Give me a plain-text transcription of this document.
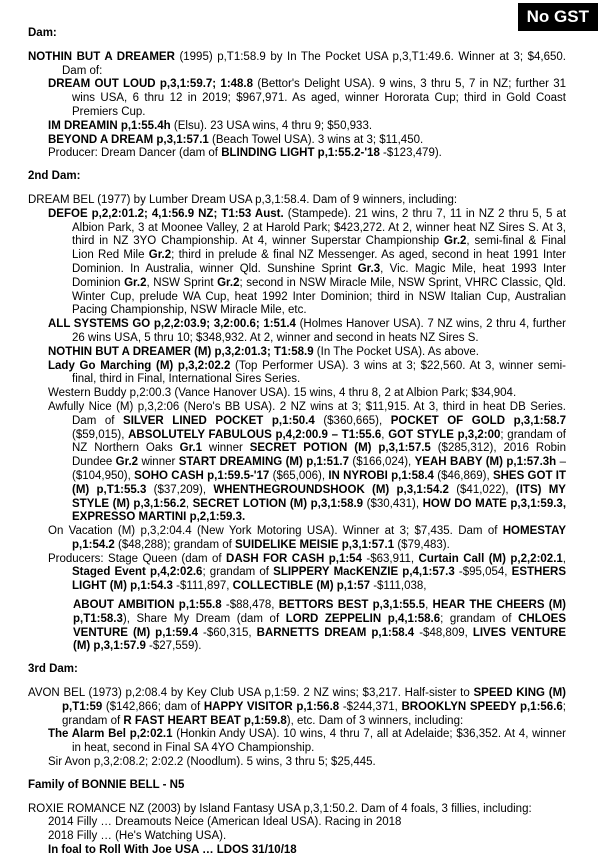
No GST

Dam:

NOTHIN BUT A DREAMER (1995) p,T1:58.9 by In The Pocket USA p,3,T1:49.6. Winner at 3; $4,650. Dam of:

DREAM OUT LOUD p,3,1:59.7; 1:48.8 (Bettor's Delight USA). 9 wins, 3 thru 5, 7 in NZ; further 31 wins USA, 6 thru 12 in 2019; $967,971. As aged, winner Hororata Cup; third in Gold Coast Premiers Cup.

IM DREAMIN p,1:55.4h (Elsu). 23 USA wins, 4 thru 9; $50,933.

BEYOND A DREAM p,3,1:57.1 (Beach Towel USA). 3 wins at 3; $11,450.

Producer: Dream Dancer (dam of BLINDING LIGHT p,1:55.2-'18 -$123,479).

2nd Dam:

DREAM BEL (1977) by Lumber Dream USA p,3,1:58.4. Dam of 9 winners, including:

DEFOE p,2,2:01.2; 4,1:56.9 NZ; T1:53 Aust. (Stampede). 21 wins, 2 thru 7, 11 in NZ 2 thru 5, 5 at Albion Park, 3 at Moonee Valley, 2 at Harold Park; $423,272. At 2, winner heat NZ Sires S. At 3, third in NZ 3YO Championship. At 4, winner Superstar Championship Gr.2, semi-final & Final Lion Red Mile Gr.2; third in prelude & final NZ Messenger. As aged, second in heat 1991 Inter Dominion. In Australia, winner Qld. Sunshine Sprint Gr.3, Vic. Magic Mile, heat 1993 Inter Dominion Gr.2, NSW Sprint Gr.2; second in NSW Miracle Mile, NSW Sprint, VHRC Classic, Qld. Winter Cup, prelude WA Cup, heat 1992 Inter Dominion; third in NSW Italian Cup, Australian Pacing Championship, NSW Miracle Mile, etc.

ALL SYSTEMS GO p,2,2:03.9; 3,2:00.6; 1:51.4 (Holmes Hanover USA). 7 NZ wins, 2 thru 4, further 26 wins USA, 5 thru 10; $348,932. At 2, winner and second in heats NZ Sires S.

NOTHIN BUT A DREAMER (M) p,3,2:01.3; T1:58.9 (In The Pocket USA). As above.

Lady Go Marching (M) p,3,2:02.2 (Top Performer USA). 3 wins at 3; $22,560. At 3, winner semi-final, third in Final, International Sires Series.

Western Buddy p,2:00.3 (Vance Hanover USA). 15 wins, 4 thru 8, 2 at Albion Park; $34,904.

Awfully Nice (M) p,3,2:06 (Nero's BB USA). 2 NZ wins at 3; $11,915. At 3, third in heat DB Series. Dam of SILVER LINED POCKET p,1:50.4 ($360,665), POCKET OF GOLD p,3,1:58.7 ($59,015), ABSOLUTELY FABULOUS p,4,2:00.9 – T1:55.6, GOT STYLE p,3,2:00; grandam of NZ Northern Oaks Gr.1 winner SECRET POTION (M) p,3,1:57.5 ($285,312), 2016 Robin Dundee Gr.2 winner START DREAMING (M) p,1:51.7 ($166,024), YEAH BABY (M) p,1:57.3h –($104,950), SOHO CASH p,1:59.5-'17 ($65,006), IN NYROBI p,1:58.4 ($46,869), SHES GOT IT (M) p,T1:55.3 ($37,209), WHENTHEGROUNDSHOOK (M) p,3,1:54.2 ($41,022), (ITS) MY STYLE (M) p,3,1:56.2, SECRET LOTION (M) p,3,1:58.9 ($30,431), HOW DO MATE p,3,1:59.3, EXPRESSO MARTINI p,2,1:59.3.

On Vacation (M) p,3,2:04.4 (New York Motoring USA). Winner at 3; $7,435. Dam of HOMESTAY p,1:54.2 ($48,288); grandam of SUIDELIKE MEISIE p,3,1:57.1 ($79,483).

Producers: Stage Queen (dam of DASH FOR CASH p,1:54 -$63,911, Curtain Call (M) p,2,2:02.1, Staged Event p,4,2:02.6; grandam of SLIPPERY MacKENZIE p,4,1:57.3 -$95,054, ESTHERS LIGHT (M) p,1:54.3 -$111,897, COLLECTIBLE (M) p,1:57 -$111,038,

ABOUT AMBITION p,1:55.8 -$88,478, BETTORS BEST p,3,1:55.5, HEAR THE CHEERS (M) p,T1:58.3), Share My Dream (dam of LORD ZEPPELIN p,4,1:58.6; grandam of CHLOES VENTURE (M) p,1:59.4 -$60,315, BARNETTS DREAM p,1:58.4 -$48,809, LIVES VENTURE (M) p,3,1:57.9 -$27,559).

3rd Dam:

AVON BEL (1973) p,2:08.4 by Key Club USA p,1:59. 2 NZ wins; $3,217. Half-sister to SPEED KING (M) p,T1:59 ($142,866; dam of HAPPY VISITOR p,1:56.8 -$244,371, BROOKLYN SPEEDY p,1:56.6; grandam of R FAST HEART BEAT p,1:59.8), etc. Dam of 3 winners, including:

The Alarm Bel p,2:02.1 (Honkin Andy USA). 10 wins, 4 thru 7, all at Adelaide; $36,352. At 4, winner in heat, second in Final SA 4YO Championship.

Sir Avon p,3,2:08.2; 2:02.2 (Noodlum). 5 wins, 3 thru 5; $25,445.

Family of BONNIE BELL - N5

ROXIE ROMANCE NZ (2003) by Island Fantasy USA p,3,1:50.2. Dam of 4 foals, 3 fillies, including:

2014 Filly … Dreamouts Neice (American Ideal USA). Racing in 2018

2018 Filly … (He's Watching USA).

In foal to Roll With Joe USA … LDOS 31/10/18
